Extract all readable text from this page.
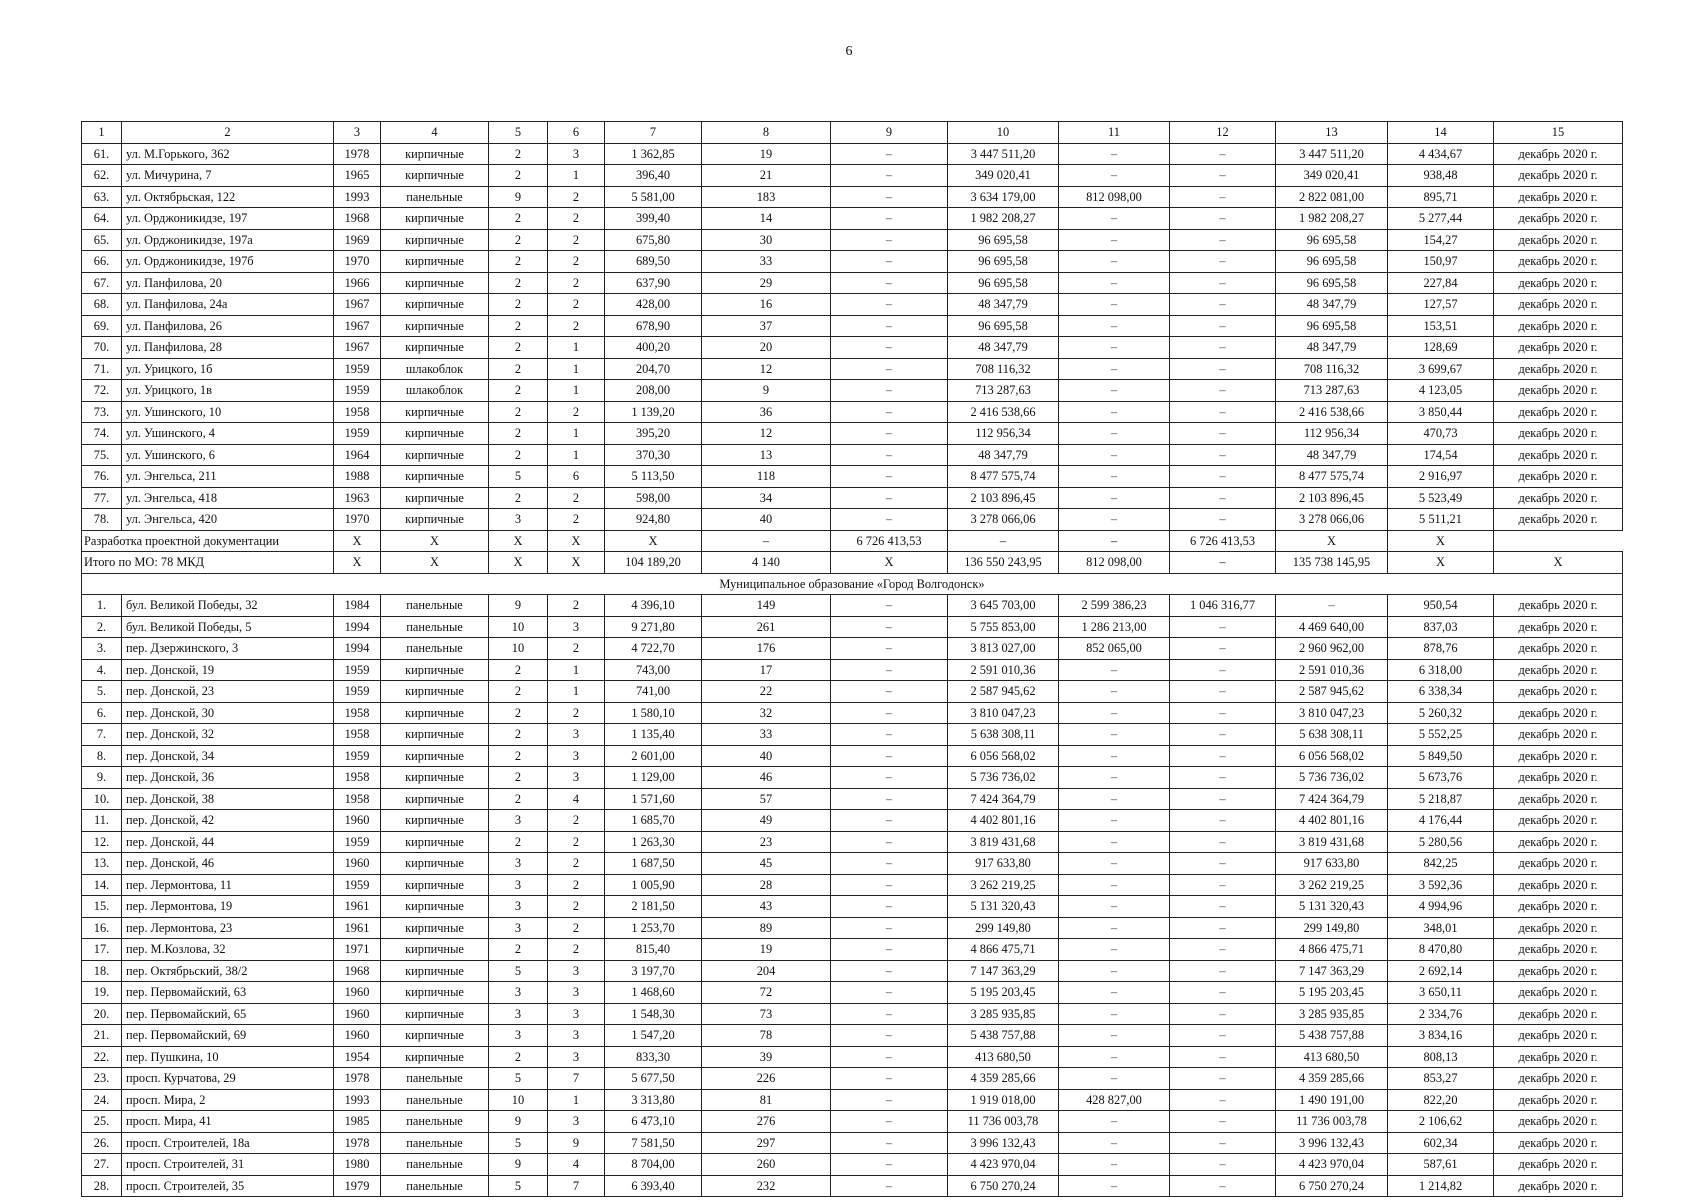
6
1	2	3	4	5	6	7	8	9	10	11	12	13	14	15
61.	ул. М.Горького, 362	1978	кирпичные	2	3	1 362,85	19	–	3 447 511,20	–	–	3 447 511,20	4 434,67	декабрь 2020 г.
62.	ул. Мичурина, 7	1965	кирпичные	2	1	396,40	21	–	349 020,41	–	–	349 020,41	938,48	декабрь 2020 г.
63.	ул. Октябрьская, 122	1993	панельные	9	2	5 581,00	183	–	3 634 179,00	812 098,00	–	2 822 081,00	895,71	декабрь 2020 г.
64.	ул. Орджоникидзе, 197	1968	кирпичные	2	2	399,40	14	–	1 982 208,27	–	–	1 982 208,27	5 277,44	декабрь 2020 г.
65.	ул. Орджоникидзе, 197а	1969	кирпичные	2	2	675,80	30	–	96 695,58	–	–	96 695,58	154,27	декабрь 2020 г.
66.	ул. Орджоникидзе, 197б	1970	кирпичные	2	2	689,50	33	–	96 695,58	–	–	96 695,58	150,97	декабрь 2020 г.
67.	ул. Панфилова, 20	1966	кирпичные	2	2	637,90	29	–	96 695,58	–	–	96 695,58	227,84	декабрь 2020 г.
68.	ул. Панфилова, 24а	1967	кирпичные	2	2	428,00	16	–	48 347,79	–	–	48 347,79	127,57	декабрь 2020 г.
69.	ул. Панфилова, 26	1967	кирпичные	2	2	678,90	37	–	96 695,58	–	–	96 695,58	153,51	декабрь 2020 г.
70.	ул. Панфилова, 28	1967	кирпичные	2	1	400,20	20	–	48 347,79	–	–	48 347,79	128,69	декабрь 2020 г.
71.	ул. Урицкого, 1б	1959	шлакоблок	2	1	204,70	12	–	708 116,32	–	–	708 116,32	3 699,67	декабрь 2020 г.
72.	ул. Урицкого, 1в	1959	шлакоблок	2	1	208,00	9	–	713 287,63	–	–	713 287,63	4 123,05	декабрь 2020 г.
73.	ул. Ушинского, 10	1958	кирпичные	2	2	1 139,20	36	–	2 416 538,66	–	–	2 416 538,66	3 850,44	декабрь 2020 г.
74.	ул. Ушинского, 4	1959	кирпичные	2	1	395,20	12	–	112 956,34	–	–	112 956,34	470,73	декабрь 2020 г.
75.	ул. Ушинского, 6	1964	кирпичные	2	1	370,30	13	–	48 347,79	–	–	48 347,79	174,54	декабрь 2020 г.
76.	ул. Энгельса, 211	1988	кирпичные	5	6	5 113,50	118	–	8 477 575,74	–	–	8 477 575,74	2 916,97	декабрь 2020 г.
77.	ул. Энгельса, 418	1963	кирпичные	2	2	598,00	34	–	2 103 896,45	–	–	2 103 896,45	5 523,49	декабрь 2020 г.
78.	ул. Энгельса, 420	1970	кирпичные	3	2	924,80	40	–	3 278 066,06	–	–	3 278 066,06	5 511,21	декабрь 2020 г.
Разработка проектной документации		Х	Х	Х	Х	Х	–	6 726 413,53	–	–	6 726 413,53	Х	Х	
Итого по МО: 78 МКД		Х	Х	Х	Х	104 189,20	4 140	Х	136 550 243,95	812 098,00	–	135 738 145,95	Х	Х
Муниципальное образование «Город Волгодонск»														
1.	бул. Великой Победы, 32	1984	панельные	9	2	4 396,10	149	–	3 645 703,00	2 599 386,23	1 046 316,77	–	950,54	декабрь 2020 г.
2.	бул. Великой Победы, 5	1994	панельные	10	3	9 271,80	261	–	5 755 853,00	1 286 213,00	–	4 469 640,00	837,03	декабрь 2020 г.
3.	пер. Дзержинского, 3	1994	панельные	10	2	4 722,70	176	–	3 813 027,00	852 065,00	–	2 960 962,00	878,76	декабрь 2020 г.
4.	пер. Донской, 19	1959	кирпичные	2	1	743,00	17	–	2 591 010,36	–	–	2 591 010,36	6 318,00	декабрь 2020 г.
5.	пер. Донской, 23	1959	кирпичные	2	1	741,00	22	–	2 587 945,62	–	–	2 587 945,62	6 338,34	декабрь 2020 г.
6.	пер. Донской, 30	1958	кирпичные	2	2	1 580,10	32	–	3 810 047,23	–	–	3 810 047,23	5 260,32	декабрь 2020 г.
7.	пер. Донской, 32	1958	кирпичные	2	3	1 135,40	33	–	5 638 308,11	–	–	5 638 308,11	5 552,25	декабрь 2020 г.
8.	пер. Донской, 34	1959	кирпичные	2	3	2 601,00	40	–	6 056 568,02	–	–	6 056 568,02	5 849,50	декабрь 2020 г.
9.	пер. Донской, 36	1958	кирпичные	2	3	1 129,00	46	–	5 736 736,02	–	–	5 736 736,02	5 673,76	декабрь 2020 г.
10.	пер. Донской, 38	1958	кирпичные	2	4	1 571,60	57	–	7 424 364,79	–	–	7 424 364,79	5 218,87	декабрь 2020 г.
11.	пер. Донской, 42	1960	кирпичные	3	2	1 685,70	49	–	4 402 801,16	–	–	4 402 801,16	4 176,44	декабрь 2020 г.
12.	пер. Донской, 44	1959	кирпичные	2	2	1 263,30	23	–	3 819 431,68	–	–	3 819 431,68	5 280,56	декабрь 2020 г.
13.	пер. Донской, 46	1960	кирпичные	3	2	1 687,50	45	–	917 633,80	–	–	917 633,80	842,25	декабрь 2020 г.
14.	пер. Лермонтова, 11	1959	кирпичные	3	2	1 005,90	28	–	3 262 219,25	–	–	3 262 219,25	3 592,36	декабрь 2020 г.
15.	пер. Лермонтова, 19	1961	кирпичные	3	2	2 181,50	43	–	5 131 320,43	–	–	5 131 320,43	4 994,96	декабрь 2020 г.
16.	пер. Лермонтова, 23	1961	кирпичные	3	2	1 253,70	89	–	299 149,80	–	–	299 149,80	348,01	декабрь 2020 г.
17.	пер. М.Козлова, 32	1971	кирпичные	2	2	815,40	19	–	4 866 475,71	–	–	4 866 475,71	8 470,80	декабрь 2020 г.
18.	пер. Октябрьский, 38/2	1968	кирпичные	5	3	3 197,70	204	–	7 147 363,29	–	–	7 147 363,29	2 692,14	декабрь 2020 г.
19.	пер. Первомайский, 63	1960	кирпичные	3	3	1 468,60	72	–	5 195 203,45	–	–	5 195 203,45	3 650,11	декабрь 2020 г.
20.	пер. Первомайский, 65	1960	кирпичные	3	3	1 548,30	73	–	3 285 935,85	–	–	3 285 935,85	2 334,76	декабрь 2020 г.
21.	пер. Первомайский, 69	1960	кирпичные	3	3	1 547,20	78	–	5 438 757,88	–	–	5 438 757,88	3 834,16	декабрь 2020 г.
22.	пер. Пушкина, 10	1954	кирпичные	2	3	833,30	39	–	413 680,50	–	–	413 680,50	808,13	декабрь 2020 г.
23.	просп. Курчатова, 29	1978	панельные	5	7	5 677,50	226	–	4 359 285,66	–	–	4 359 285,66	853,27	декабрь 2020 г.
24.	просп. Мира, 2	1993	панельные	10	1	3 313,80	81	–	1 919 018,00	428 827,00	–	1 490 191,00	822,20	декабрь 2020 г.
25.	просп. Мира, 41	1985	панельные	9	3	6 473,10	276	–	11 736 003,78	–	–	11 736 003,78	2 106,62	декабрь 2020 г.
26.	просп. Строителей, 18а	1978	панельные	5	9	7 581,50	297	–	3 996 132,43	–	–	3 996 132,43	602,34	декабрь 2020 г.
27.	просп. Строителей, 31	1980	панельные	9	4	8 704,00	260	–	4 423 970,04	–	–	4 423 970,04	587,61	декабрь 2020 г.
28.	просп. Строителей, 35	1979	панельные	5	7	6 393,40	232	–	6 750 270,24	–	–	6 750 270,24	1 214,82	декабрь 2020 г.
